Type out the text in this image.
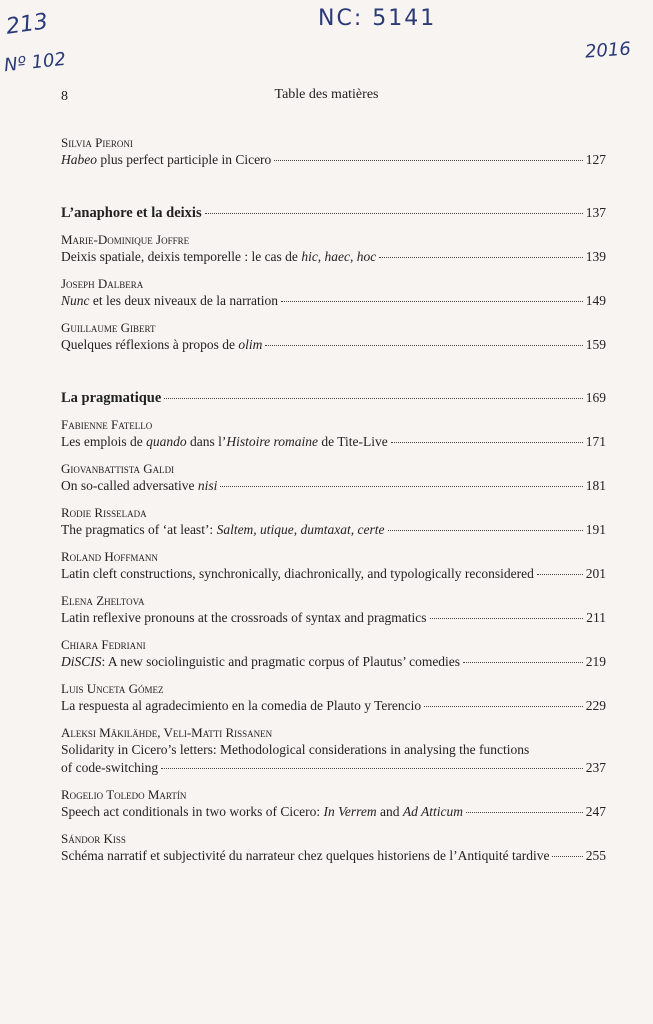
213
Nº 102
NC: 5141
2016
8	Table des matières
Silvia Pieroni
Habeo plus perfect participle in Cicero	127
L’anaphore et la deixis	137
Marie-Dominique Joffre
Deixis spatiale, deixis temporelle : le cas de hic, haec, hoc	139
Joseph Dalbera
Nunc et les deux niveaux de la narration	149
Guillaume Gibert
Quelques réflexions à propos de olim	159
La pragmatique	169
Fabienne Fatello
Les emplois de quando dans l’Histoire romaine de Tite-Live	171
Giovanbattista Galdi
On so-called adversative nisi	181
Rodie Risselada
The pragmatics of ‘at least’: Saltem, utique, dumtaxat, certe	191
Roland Hoffmann
Latin cleft constructions, synchronically, diachronically, and typologically reconsidered	201
Elena Zheltova
Latin reflexive pronouns at the crossroads of syntax and pragmatics	211
Chiara Fedriani
DiSCIS: A new sociolinguistic and pragmatic corpus of Plautus’ comedies	219
Luis Unceta Gómez
La respuesta al agradecimiento en la comedia de Plauto y Terencio	229
Aleksi Mäkilähde, Veli-Matti Rissanen
Solidarity in Cicero’s letters: Methodological considerations in analysing the functions
of code-switching	237
Rogelio Toledo Martín
Speech act conditionals in two works of Cicero: In Verrem and Ad Atticum	247
Sándor Kiss
Schéma narratif et subjectivité du narrateur chez quelques historiens de l’Antiquité tardive	255
